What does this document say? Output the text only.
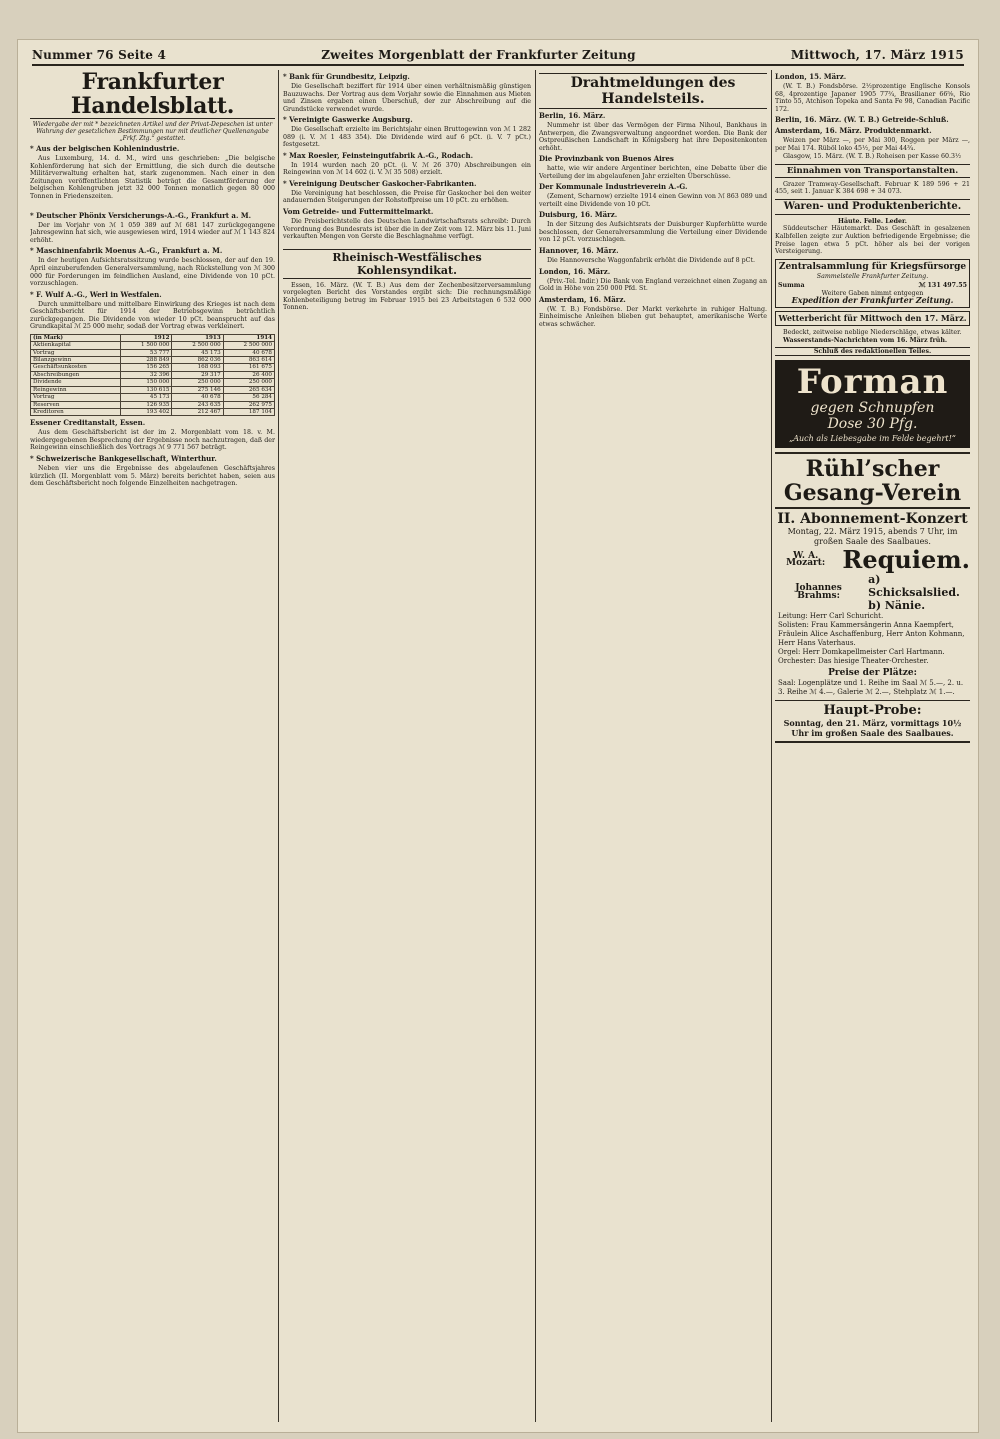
Nummer 76 Seite 4	Zweites Morgenblatt der Frankfurter Zeitung	Mittwoch, 17. März 1915
Frankfurter Handelsblatt.
Wiedergabe der mit * bezeichneten Artikel und der Privat-Depeschen ist unter Wahrung der gesetzlichen Bestimmungen nur mit deutlicher Quellenangabe „Frkf. Ztg.“ gestattet.
* Aus der belgischen Kohlenindustrie.

Aus Luxemburg, 14. d. M., wird uns geschrieben: „Die belgische Kohlenförderung hat sich der Ermittlung, die sich durch die deutsche Militärverwaltung erhalten hat, stark zugenommen. Nach einer in den Zeitungen veröffentlichten Statistik beträgt die Gesamtförderung der belgischen Kohlengruben jetzt 32 000 Tonnen monatlich gegen 80 000 Tonnen in Friedenszeiten.

* Deutscher Phönix Versicherungs-A.-G., Frankfurt a. M.

Der im Vorjahr von ℳ 1 059 389 auf ℳ 681 147 zurückgegangene Jahresgewinn hat sich, wie ausgewiesen wird, 1914 wieder auf ℳ 1 143 824 erhöht.

* Maschinenfabrik Moenus A.-G., Frankfurt a. M.

In der heutigen Aufsichtsratssitzung wurde beschlossen, der auf den 19. April einzuberufenden Generalversammlung, nach Rückstellung von ℳ 300 000 für Forderungen im feindlichen Ausland, eine Dividende von 10 pCt. vorzuschlagen.

* F. Wulf A.-G., Werl in Westfalen.

Durch unmittelbare und mittelbare Einwirkung des Krieges ist nach dem Geschäftsbericht für 1914 der Betriebsgewinn beträchtlich zurückgegangen. Die Dividende von wieder 10 pCt. beansprucht auf das Grundkapital ℳ 25 000 mehr, sodaß der Vortrag etwas verkleinert.

(in Mark)	1912	1913	1914
Aktienkapital	1 500 000	2 500 000	2 500 000
Vortrag	53 777	45 173	40 678
Bilanzgewinn	288 849	862 036	863 614
Geschäftsunkosten	156 265	168 093	161 675
Abschreibungen	32 396	29 317	26 400
Dividende	150 000	250 000	250 000
Reingewinn	130 615	275 146	265 634
Vortrag	45 173	40 678	56 284
Reserven	126 935	243 635	262 975
Kreditoren	193 402	212 467	187 104
Essener Creditanstalt, Essen.

Aus dem Geschäftsbericht ist der im 2. Morgenblatt vom 18. v. M. wiedergegebenen Besprechung der Ergebnisse noch nachzutragen, daß der Reingewinn einschließlich des Vortrags ℳ 9 771 567 beträgt.

* Schweizerische Bankgesellschaft, Winterthur.

Neben vier uns die Ergebnisse des abgelaufenen Geschäftsjahres kürzlich (II. Morgenblatt vom 5. März) bereits berichtet haben, seien aus dem Geschäftsbericht noch folgende Einzelheiten nachgetragen.

* Bank für Grundbesitz, Leipzig.

Die Gesellschaft beziffert für 1914 über einen verhältnismäßig günstigen Bauzuwachs. Der Vortrag aus dem Vorjahr sowie die Einnahmen aus Mieten und Zinsen ergaben einen Überschuß, der zur Abschreibung auf die Grundstücke verwendet wurde.

* Vereinigte Gaswerke Augsburg.

Die Gesellschaft erzielte im Berichtsjahr einen Bruttogewinn von ℳ 1 282 089 (i. V. ℳ 1 483 354). Die Dividende wird auf 6 pCt. (i. V. 7 pCt.) festgesetzt.

* Max Roesler, Feinsteingutfabrik A.-G., Rodach.

In 1914 wurden nach 20 pCt. (i. V. ℳ 26 370) Abschreibungen ein Reingewinn von ℳ 14 602 (i. V. ℳ 35 508) erzielt.

* Vereinigung Deutscher Gaskocher-Fabrikanten.

Die Vereinigung hat beschlossen, die Preise für Gaskocher bei den weiter andauernden Steigerungen der Rohstoffpreise um 10 pCt. zu erhöhen.

Vom Getreide- und Futtermittelmarkt.

Die Preisberichtstelle des Deutschen Landwirtschaftsrats schreibt: Durch Verordnung des Bundesrats ist über die in der Zeit vom 12. März bis 11. Juni verkauften Mengen von Gerste die Beschlagnahme verfügt.

Rheinisch-Westfälisches Kohlensyndikat.

Essen, 16. März. (W. T. B.) Aus dem der Zechenbesitzerversammlung vorgelegten Bericht des Vorstandes ergibt sich: Die rechnungsmäßige Kohlenbeteiligung betrug im Februar 1915 bei 23 Arbeitstagen 6 532 000 Tonnen.

Drahtmeldungen des Handelsteils.
Berlin, 16. März.

Nummehr ist über das Vermögen der Firma Nihoul, Bankhaus in Antwerpen, die Zwangsverwaltung angeordnet worden. Die Bank der Ostpreußischen Landschaft in Königsberg hat ihre Depositenkonten erhöht.

Die Provinzbank von Buenos Aires

hatte, wie wir andere Argentiner berichten, eine Debatte über die Verteilung der im abgelaufenen Jahr erzielten Überschüsse.

Der Kommunale Industrieverein A.-G.

(Zement, Scharnow) erzielte 1914 einen Gewinn von ℳ 863 089 und verteilt eine Dividende von 10 pCt.

Duisburg, 16. März.

In der Sitzung des Aufsichtsrats der Duisburger Kupferhütte wurde beschlossen, der Generalversammlung die Verteilung einer Dividende von 12 pCt. vorzuschlagen.

Hannover, 16. März.

Die Hannoversche Waggonfabrik erhöht die Dividende auf 8 pCt.

London, 16. März.

(Priv.-Tel. Indir.) Die Bank von England verzeichnet einen Zugang an Gold in Höhe von 250 000 Pfd. St.

Amsterdam, 16. März.

(W. T. B.) Fondsbörse. Der Markt verkehrte in ruhiger Haltung. Einheimische Anleihen blieben gut behauptet, amerikanische Werte etwas schwächer.

London, 15. März.

(W. T. B.) Fondsbörse. 2½prozentige Englische Konsols 68, 4prozentige Japaner 1905 77¾, Brasilianer 66⅝, Rio Tinto 55, Atchison Topeka and Santa Fe 98, Canadian Pacific 172.

Berlin, 16. März. (W. T. B.) Getreide-Schluß.
Amsterdam, 16. März. Produktenmarkt.

Weizen per März —, per Mai 300, Roggen per März —, per Mai 174. Rüböl loko 45½, per Mai 44¾.

Glasgow, 15. März. (W. T. B.) Roheisen per Kasse 60.3½

Einnahmen von Transportanstalten.

Grazer Tramway-Gesellschaft. Februar K 189 596 + 21 455, seit 1. Januar K 384 698 + 34 073.

Waren- und Produktenberichte.
Häute. Felle. Leder.

Süddeutscher Häutemarkt. Das Geschäft in gesalzenen Kalbfellen zeigte zur Auktion befriedigende Ergebnisse; die Preise lagen etwa 5 pCt. höher als bei der vorigen Versteigerung.

Zentralsammlung für Kriegsfürsorge
Sammelstelle Frankfurter Zeitung.
Summa	ℳ 131 497.55
Weitere Gaben nimmt entgegen
Expedition der Frankfurter Zeitung.
Wetterbericht für Mittwoch den 17. März.

Bedeckt, zeitweise neblige Niederschläge, etwas kälter.

Wasserstands-Nachrichten vom 16. März früh.

Schluß des redaktionellen Teiles.
Forman
gegen Schnupfen
Dose 30 Pfg.
„Auch als Liebesgabe im Felde begehrt!“
Rühl’scher Gesang-Verein
II. Abonnement-Konzert
Montag, 22. März 1915, abends 7 Uhr, im großen Saale des Saalbaues.
W. A. Mozart: Requiem.
Johannes Brahms:
a) Schicksalslied.
b) Nänie.
Leitung: Herr Carl Schuricht.
Solisten: Frau Kammersängerin Anna Kaempfert, Fräulein Alice Aschaffenburg, Herr Anton Kohmann, Herr Hans Vaterhaus.
Orgel: Herr Domkapellmeister Carl Hartmann.
Orchester: Das hiesige Theater-Orchester.
Preise der Plätze:
Saal: Logenplätze und 1. Reihe im Saal ℳ 5.—, 2. u. 3. Reihe ℳ 4.—, Galerie ℳ 2.—, Stehplatz ℳ 1.—.
Haupt-Probe:
Sonntag, den 21. März, vormittags 10½ Uhr im großen Saale des Saalbaues.
